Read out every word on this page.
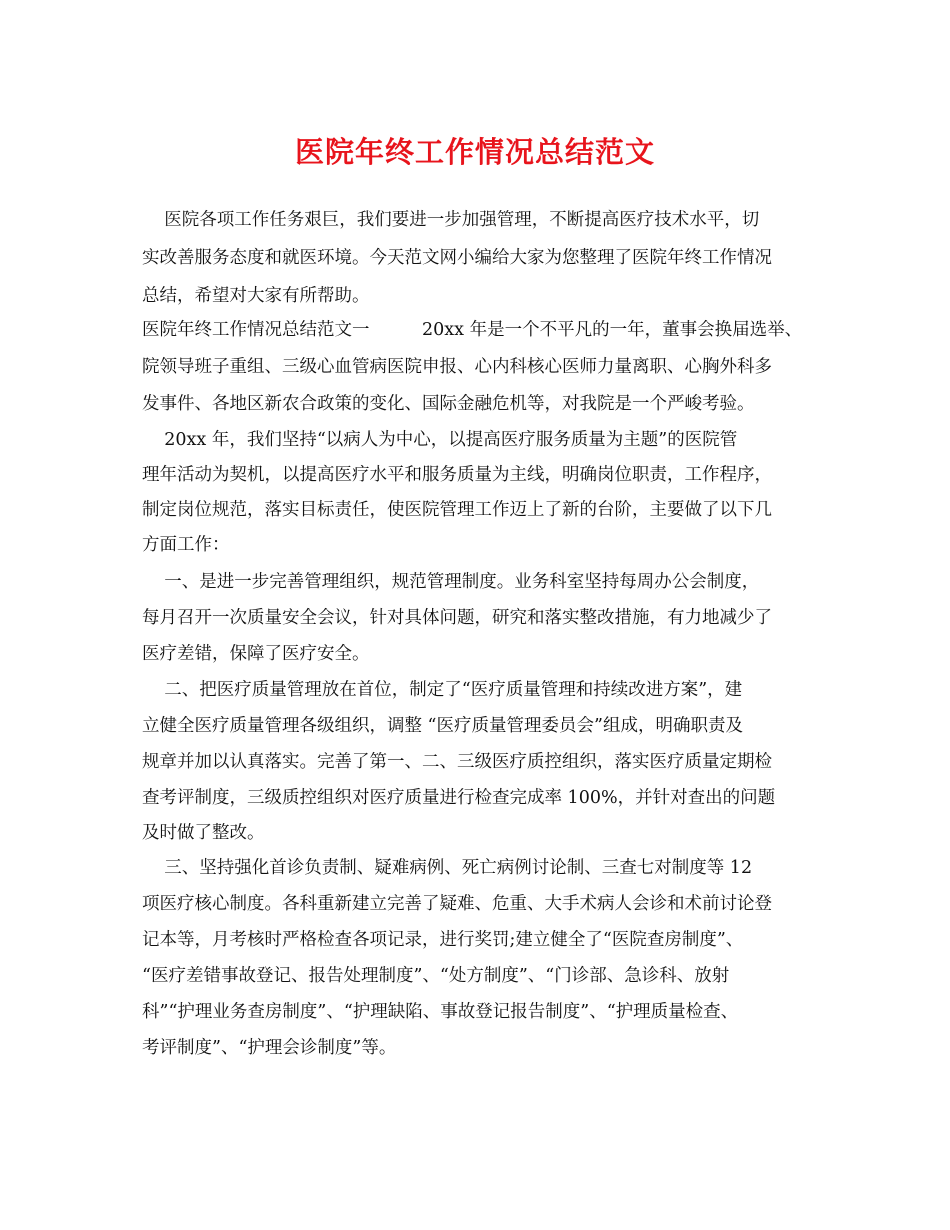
医院年终工作情况总结范文

医院各项工作任务艰巨，我们要进一步加强管理，不断提高医疗技术水平，切

实改善服务态度和就医环境。今天范文网小编给大家为您整理了医院年终工作情况

总结，希望对大家有所帮助。

医院年终工作情况总结范文一　　　20xx 年是一个不平凡的一年，董事会换届选举、

院领导班子重组、三级心血管病医院申报、心内科核心医师力量离职、心胸外科多

发事件、各地区新农合政策的变化、国际金融危机等，对我院是一个严峻考验。

20xx 年，我们坚持“以病人为中心，以提高医疗服务质量为主题”的医院管

理年活动为契机，以提高医疗水平和服务质量为主线，明确岗位职责，工作程序，

制定岗位规范，落实目标责任，使医院管理工作迈上了新的台阶，主要做了以下几

方面工作：

一、是进一步完善管理组织，规范管理制度。业务科室坚持每周办公会制度，

每月召开一次质量安全会议，针对具体问题，研究和落实整改措施，有力地减少了

医疗差错，保障了医疗安全。

二、把医疗质量管理放在首位，制定了“医疗质量管理和持续改进方案”，建

立健全医疗质量管理各级组织，调整 “医疗质量管理委员会”组成，明确职责及

规章并加以认真落实。完善了第一、二、三级医疗质控组织，落实医疗质量定期检

查考评制度，三级质控组织对医疗质量进行检查完成率 100%，并针对查出的问题

及时做了整改。

三、坚持强化首诊负责制、疑难病例、死亡病例讨论制、三查七对制度等 12

项医疗核心制度。各科重新建立完善了疑难、危重、大手术病人会诊和术前讨论登

记本等，月考核时严格检查各项记录，进行奖罚;建立健全了“医院查房制度”、

“医疗差错事故登记、报告处理制度”、“处方制度”、“门诊部、急诊科、放射

科”“护理业务查房制度”、“护理缺陷、事故登记报告制度”、“护理质量检查、

考评制度”、“护理会诊制度”等。
